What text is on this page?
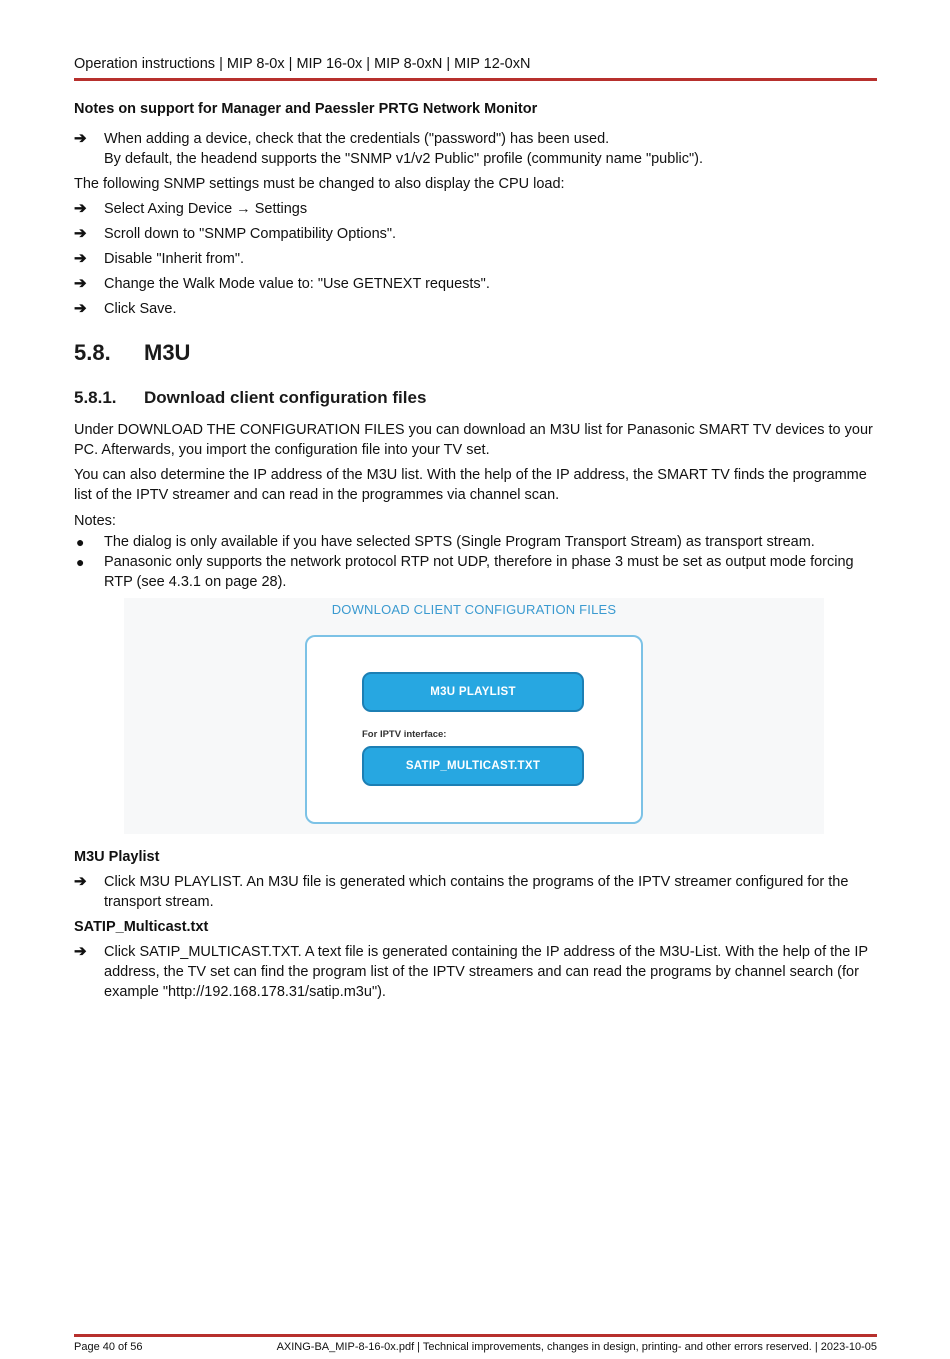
Operation instructions | MIP 8-0x | MIP 16-0x | MIP 8-0xN | MIP 12-0xN
Notes on support for Manager and Paessler PRTG Network Monitor
➔	When adding a device, check that the credentials ("password") has been used.
By default, the headend supports the "SNMP v1/v2 Public" profile (community name "public").
The following SNMP settings must be changed to also display the CPU load:
➔	Select Axing Device → Settings
➔	Scroll down to "SNMP Compatibility Options".
➔	Disable "Inherit from".
➔	Change the Walk Mode value to: "Use GETNEXT requests".
➔	Click Save.
5.8. M3U
5.8.1. Download client configuration files
Under DOWNLOAD THE CONFIGURATION FILES you can download an M3U list for Panasonic SMART TV devices to your PC. Afterwards, you import the configuration file into your TV set.
You can also determine the IP address of the M3U list. With the help of the IP address, the SMART TV finds the programme list of the IPTV streamer and can read in the programmes via channel scan.
Notes:
● The dialog is only available if you have selected SPTS (Single Program Transport Stream) as transport stream.
● Panasonic only supports the network protocol RTP not UDP, therefore in phase 3 must be set as output mode forcing RTP (see 4.3.1 on page 28).
DOWNLOAD CLIENT CONFIGURATION FILES
M3U PLAYLIST
For IPTV interface:
SATIP_MULTICAST.TXT
M3U Playlist
➔	Click M3U PLAYLIST. An M3U file is generated which contains the programs of the IPTV streamer configured for the transport stream.
SATIP_Multicast.txt
➔	Click SATIP_MULTICAST.TXT. A text file is generated containing the IP address of the M3U-List. With the help of the IP address, the TV set can find the program list of the IPTV streamers and can read the programs by channel search (for example "http://192.168.178.31/satip.m3u").
Page 40 of 56	AXING-BA_MIP-8-16-0x.pdf | Technical improvements, changes in design, printing- and other errors reserved. | 2023-10-05
